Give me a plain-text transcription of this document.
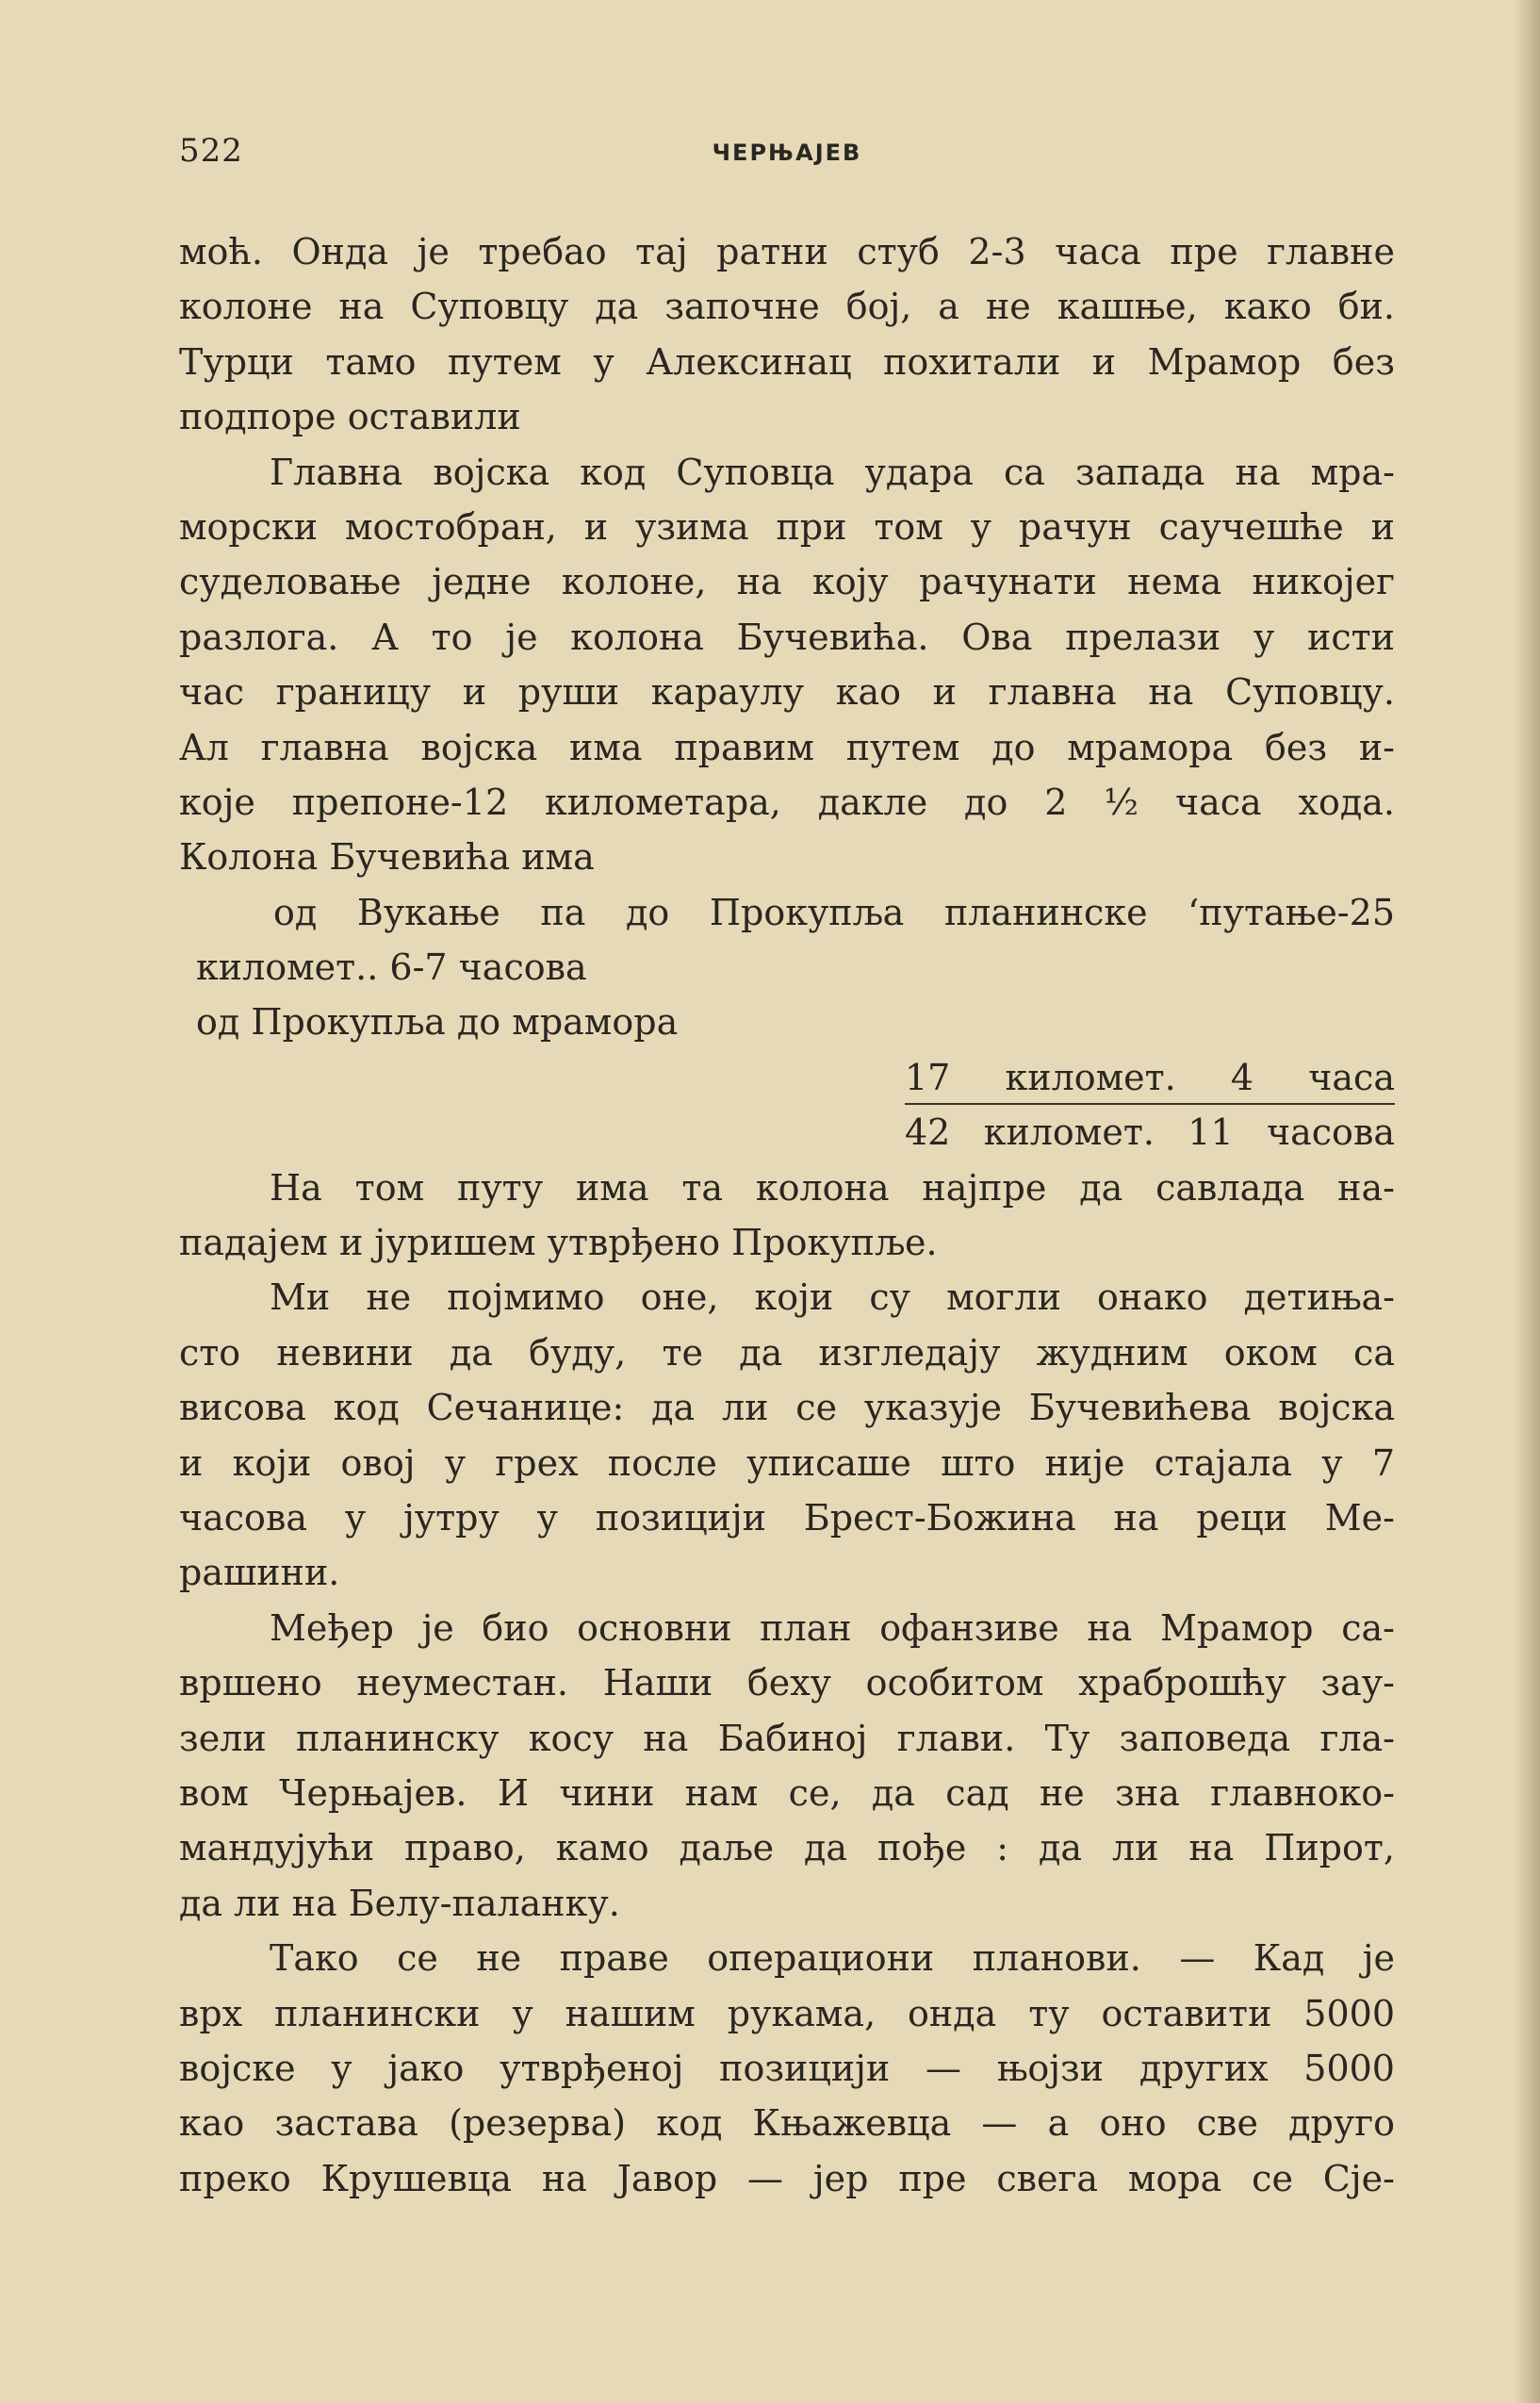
522	ЧЕРЊАЈЕВ
моћ. Онда је требао тај ратни стуб 2-3 часа пре главне
колоне на Суповцу да започне бој, а не кашње, како би.
Турци тамо путем у Алексинац похитали и Мрамор без
подпоре оставили
Главна војска код Суповца удара са запада на мра-
морски мостобран, и узима при том у рачун саучешће и
суделовање једне колоне, на коју рачунати нема никојег
разлога. А то је колона Бучевића. Ова прелази у исти
час границу и руши караулу као и главна на Суповцу.
Ал главна војска има правим путем до мрамора без и-
које препоне-12 километара, дакле до 2 ½ часа хода.
Колона Бучевића има
од Вукање па до Прокупља планинске ‘путање-25
километ.. 6-7 часова
од Прокупља до мрамора
17 километ. 4 часа
42 километ. 11 часова
На том путу има та колона најпре да савлада на-
падајем и јуришем утврђено Прокупље.
Ми не појмимо оне, који су могли онако детиња-
сто невини да буду, те да изгледају жудним оком са
висова код Сечанице: да ли се указује Бучевићева војска
и који овој у грех после уписаше што није стајала у 7
часова у јутру у позицији Брест-Божина на реци Ме-
рашини.
Међер је био основни план офанзиве на Мрамор са-
вршено неуместан. Наши беху особитом храброшћу зау-
зели планинску косу на Бабиној глави. Ту заповеда гла-
вом Черњајев. И чини нам се, да сад не зна главноко-
мандујући право, камо даље да пође : да ли на Пирот,
да ли на Белу-паланку.
Тако се не праве операциони планови. — Кад је
врх планински у нашим рукама, онда ту оставити 5000
војске у јако утврђеној позицији — њојзи других 5000
као застава (резерва) код Књажевца — а оно све друго
преко Крушевца на Јавор — јер пре свега мора се Сје-
